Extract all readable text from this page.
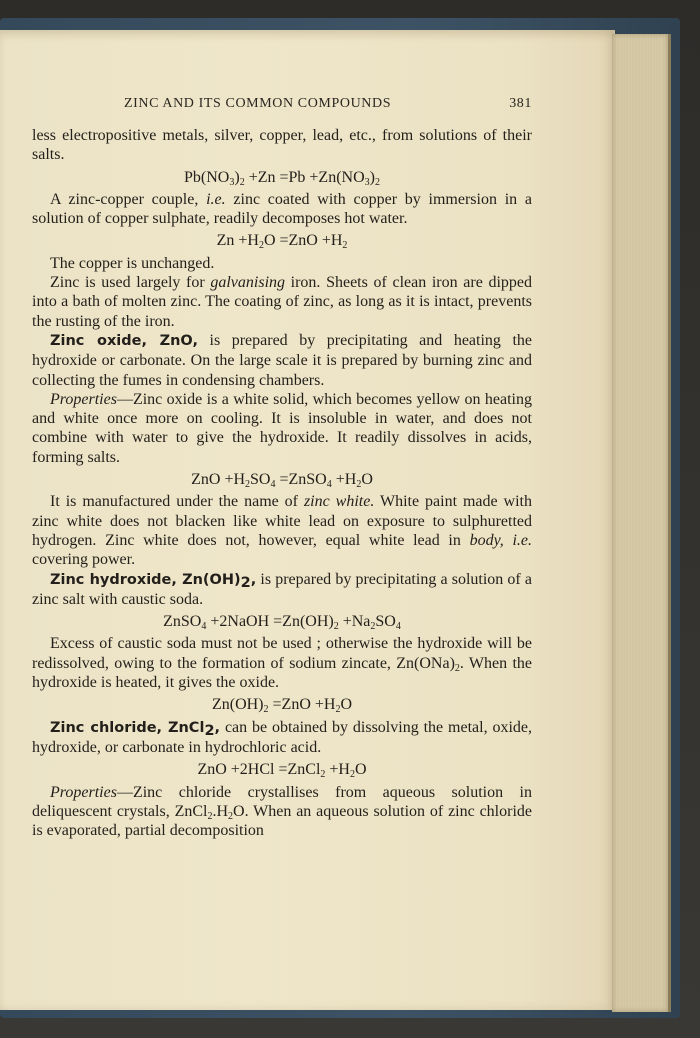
ZINC AND ITS COMMON COMPOUNDS	381

less electropositive metals, silver, copper, lead, etc., from solutions of their salts.

$Pb(NO_3)_2 +Zn =Pb +Zn(NO_3)_2$

A zinc-copper couple, i.e. zinc coated with copper by immersion in a solution of copper sulphate, readily decomposes hot water.

$Zn +H_2O =ZnO +H_2$

The copper is unchanged.

Zinc is used largely for galvanising iron. Sheets of clean iron are dipped into a bath of molten zinc. The coating of zinc, as long as it is intact, prevents the rusting of the iron.

Zinc oxide, ZnO, is prepared by precipitating and heating the hydroxide or carbonate. On the large scale it is prepared by burning zinc and collecting the fumes in condensing chambers.

Properties—Zinc oxide is a white solid, which becomes yellow on heating and white once more on cooling. It is insoluble in water, and does not combine with water to give the hydroxide. It readily dissolves in acids, forming salts.

ZnO $+H_2SO_4$ =ZnSO$_4$ $+H_2O$

It is manufactured under the name of zinc white. White paint made with zinc white does not blacken like white lead on exposure to sulphuretted hydrogen. Zinc white does not, however, equal white lead in body, i.e. covering power.

Zinc hydroxide, $Zn(OH)_2$, is prepared by precipitating a solution of a zinc salt with caustic soda.

ZnSO$_4$ +2NaOH $=Zn(OH)_2 +Na_2SO_4$

Excess of caustic soda must not be used ; otherwise the hydroxide will be redissolved, owing to the formation of sodium zincate, $Zn(ONa)_2$. When the hydroxide is heated, it gives the oxide.

$Zn(OH)_2 =ZnO +H_2O$

Zinc chloride, ZnCl$_2$, can be obtained by dissolving the metal, oxide, hydroxide, or carbonate in hydrochloric acid.

ZnO +2HCl =ZnCl$_2$ $+H_2O$

Properties—Zinc chloride crystallises from aqueous solution in deliquescent crystals, $ZnCl_2.H_2O$. When an aqueous solution of zinc chloride is evaporated, partial decomposition
